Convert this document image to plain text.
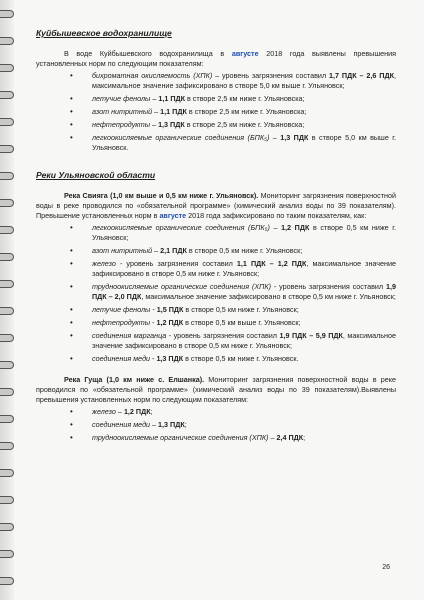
Куйбышевское водохранилище

В воде Куйбышевского водохранилища в августе 2018 года выявлены превышения установленных норм по следующим показателям:

•	бихроматная окисляемость (ХПК) – уровень загрязнения составил 1,7 ПДК – 2,6 ПДК, максимальное значение зафиксировано в створе 5,0 км выше г. Ульяновск;
•	летучие фенолы – 1,1 ПДК в створе 2,5 км ниже г. Ульяновска;
•	азот нитритный – 1,1 ПДК в створе 2,5 км ниже г. Ульяновска;
•	нефтепродукты – 1,3 ПДК в створе 2,5 км ниже г. Ульяновска;
•	легкоокисляемые органические соединения (БПК₅) – 1,3 ПДК в створе 5,0 км выше г. Ульяновск.

Реки Ульяновской области

Река Свияга (1,0 км выше и 0,5 км ниже г. Ульяновск). Мониторинг загрязнения поверхностной воды в реке проводился по «обязательной программе» (химический анализ воды по 39 показателям). Превышение установленных норм в августе 2018 года зафиксировано по таким показателям, как:

•	легкоокисляемые органические соединения (БПК₅) – 1,2 ПДК в створе 0,5 км ниже г. Ульяновск;
•	азот нитритный – 2,1 ПДК в створе 0,5 км ниже г. Ульяновск;
•	железо - уровень загрязнения составил 1,1 ПДК – 1,2 ПДК, максимальное значение зафиксировано в створе 0,5 км ниже г. Ульяновск;
•	трудноокисляемые органические соединения (ХПК) - уровень загрязнения составил 1,9 ПДК – 2,0 ПДК, максимальное значение зафиксировано в створе 0,5 км ниже г. Ульяновск;
•	летучие фенолы - 1,5 ПДК в створе 0,5 км ниже г. Ульяновск;
•	нефтепродукты - 1,2 ПДК в створе 0,5 км выше г. Ульяновск;
•	соединения марганца - уровень загрязнения составил 1,9 ПДК – 5,9 ПДК, максимальное значение зафиксировано в створе 0,5 км ниже г. Ульяновск;
•	соединения меди - 1,3 ПДК в створе 0,5 км ниже г. Ульяновск.

Река Гуща (1,0 км ниже с. Елшанка). Мониторинг загрязнения поверхностной воды в реке проводился по «обязательной программе» (химический анализ воды по 39 показателям).Выявлены превышения установленных норм по следующим показателям:

•	железо – 1,2 ПДК;
•	соединения меди – 1,3 ПДК;
•	трудноокисляемые органические соединения (ХПК) – 2,4 ПДК;
26
